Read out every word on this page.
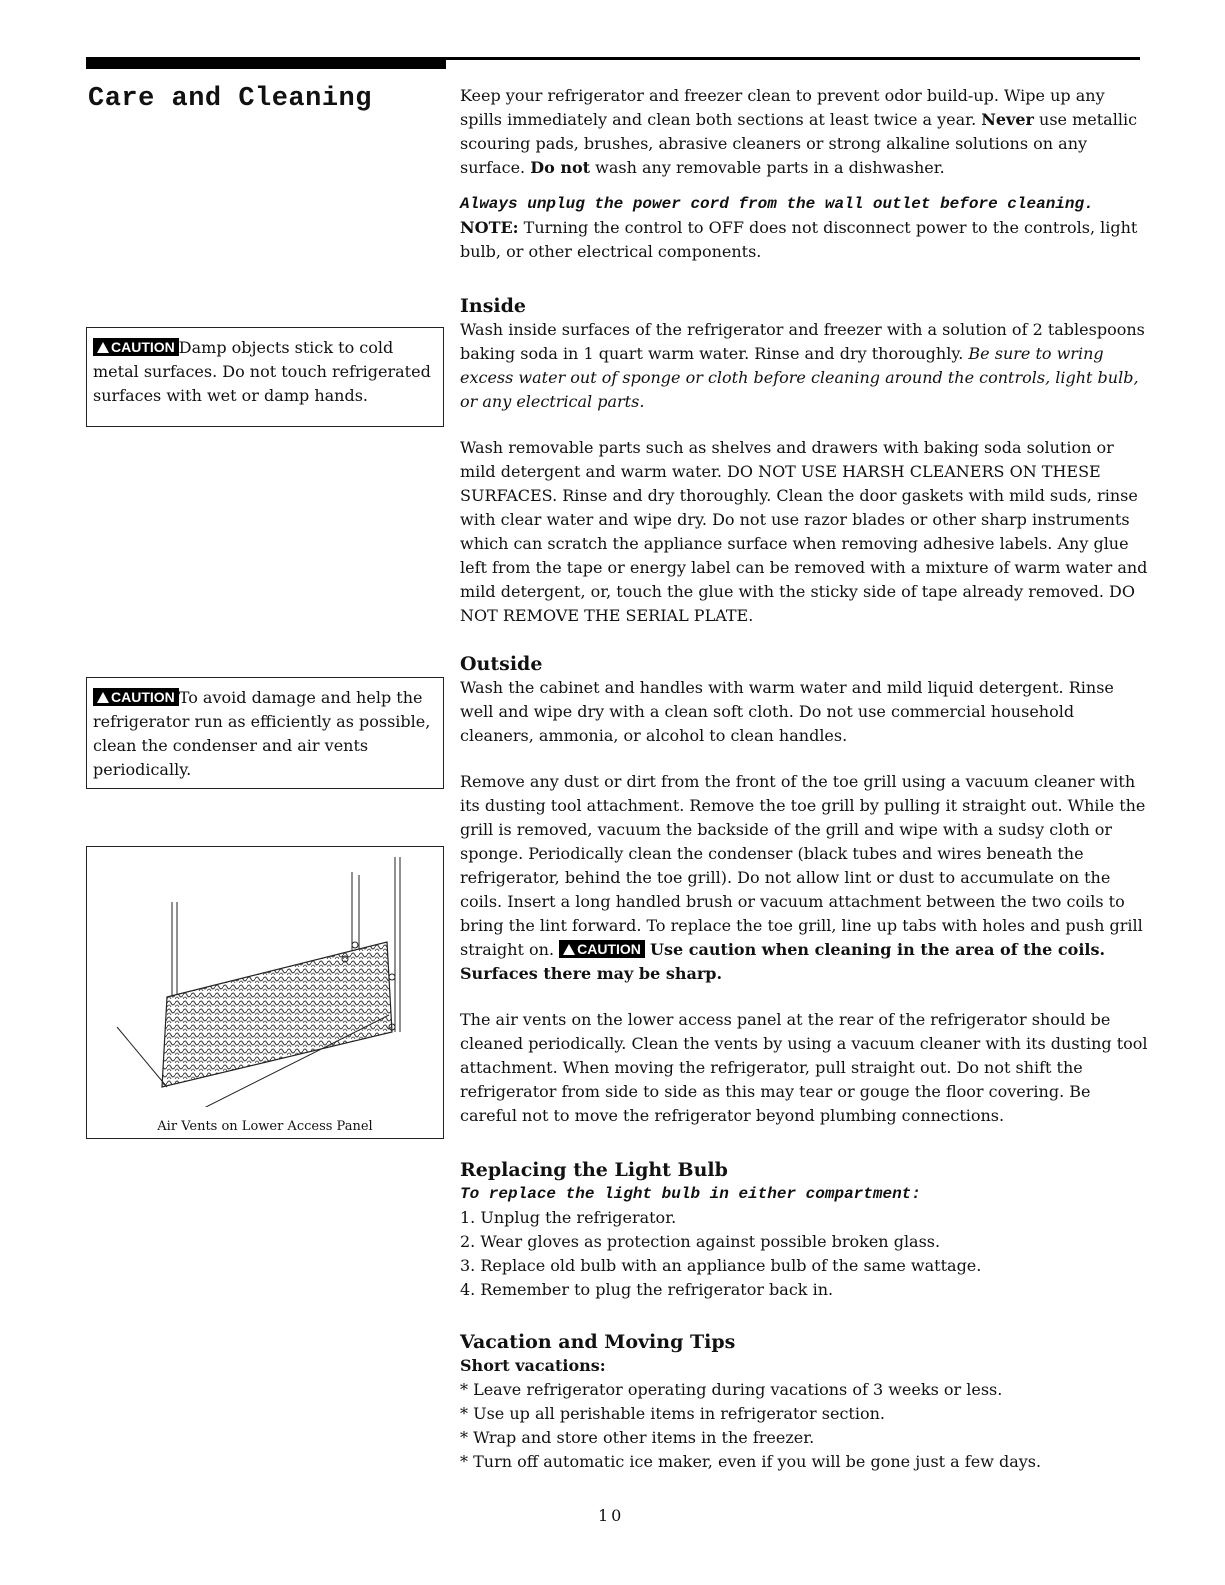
Care and Cleaning	Keep your refrigerator and freezer clean to prevent odor build-up. Wipe up any spills immediately and clean both sections at least twice a year. Never use metallic scouring pads, brushes, abrasive cleaners or strong alkaline solutions on any surface. Do not wash any removable parts in a dishwasher.

Always unplug the power cord from the wall outlet before cleaning.

NOTE: Turning the control to OFF does not disconnect power to the controls, light bulb, or other electrical components.

Inside

Wash inside surfaces of the refrigerator and freezer with a solution of 2 tablespoons baking soda in 1 quart warm water. Rinse and dry thoroughly. Be sure to wring excess water out of sponge or cloth before cleaning around the controls, light bulb, or any electrical parts.

Wash removable parts such as shelves and drawers with baking soda solution or mild detergent and warm water. DO NOT USE HARSH CLEANERS ON THESE SURFACES. Rinse and dry thoroughly. Clean the door gaskets with mild suds, rinse with clear water and wipe dry. Do not use razor blades or other sharp instruments which can scratch the appliance surface when removing adhesive labels. Any glue left from the tape or energy label can be removed with a mixture of warm water and mild detergent, or, touch the glue with the sticky side of tape already removed. DO NOT REMOVE THE SERIAL PLATE.

Outside

Wash the cabinet and handles with warm water and mild liquid detergent. Rinse well and wipe dry with a clean soft cloth. Do not use commercial household cleaners, ammonia, or alcohol to clean handles.

Remove any dust or dirt from the front of the toe grill using a vacuum cleaner with its dusting tool attachment. Remove the toe grill by pulling it straight out. While the grill is removed, vacuum the backside of the grill and wipe with a sudsy cloth or sponge. Periodically clean the condenser (black tubes and wires beneath the refrigerator, behind the toe grill). Do not allow lint or dust to accumulate on the coils. Insert a long handled brush or vacuum attachment between the two coils to bring the lint forward. To replace the toe grill, line up tabs with holes and push grill straight on. CAUTION Use caution when cleaning in the area of the coils. Surfaces there may be sharp.

The air vents on the lower access panel at the rear of the refrigerator should be cleaned periodically. Clean the vents by using a vacuum cleaner with its dusting tool attachment. When moving the refrigerator, pull straight out. Do not shift the refrigerator from side to side as this may tear or gouge the floor covering. Be careful not to move the refrigerator beyond plumbing connections.

Replacing the Light Bulb
To replace the light bulb in either compartment:

1. Unplug the refrigerator.

2. Wear gloves as protection against possible broken glass.

3. Replace old bulb with an appliance bulb of the same wattage.

4. Remember to plug the refrigerator back in.

Vacation and Moving Tips
Short vacations:

* Leave refrigerator operating during vacations of 3 weeks or less.

* Use up all perishable items in refrigerator section.

* Wrap and store other items in the freezer.

* Turn off automatic ice maker, even if you will be gone just a few days.

CAUTION Damp objects stick to cold metal surfaces. Do not touch refrigerated surfaces with wet or damp hands.
CAUTION To avoid damage and help the refrigerator run as efficiently as possible, clean the condenser and air vents periodically.
Air Vents on Lower Access Panel
10
